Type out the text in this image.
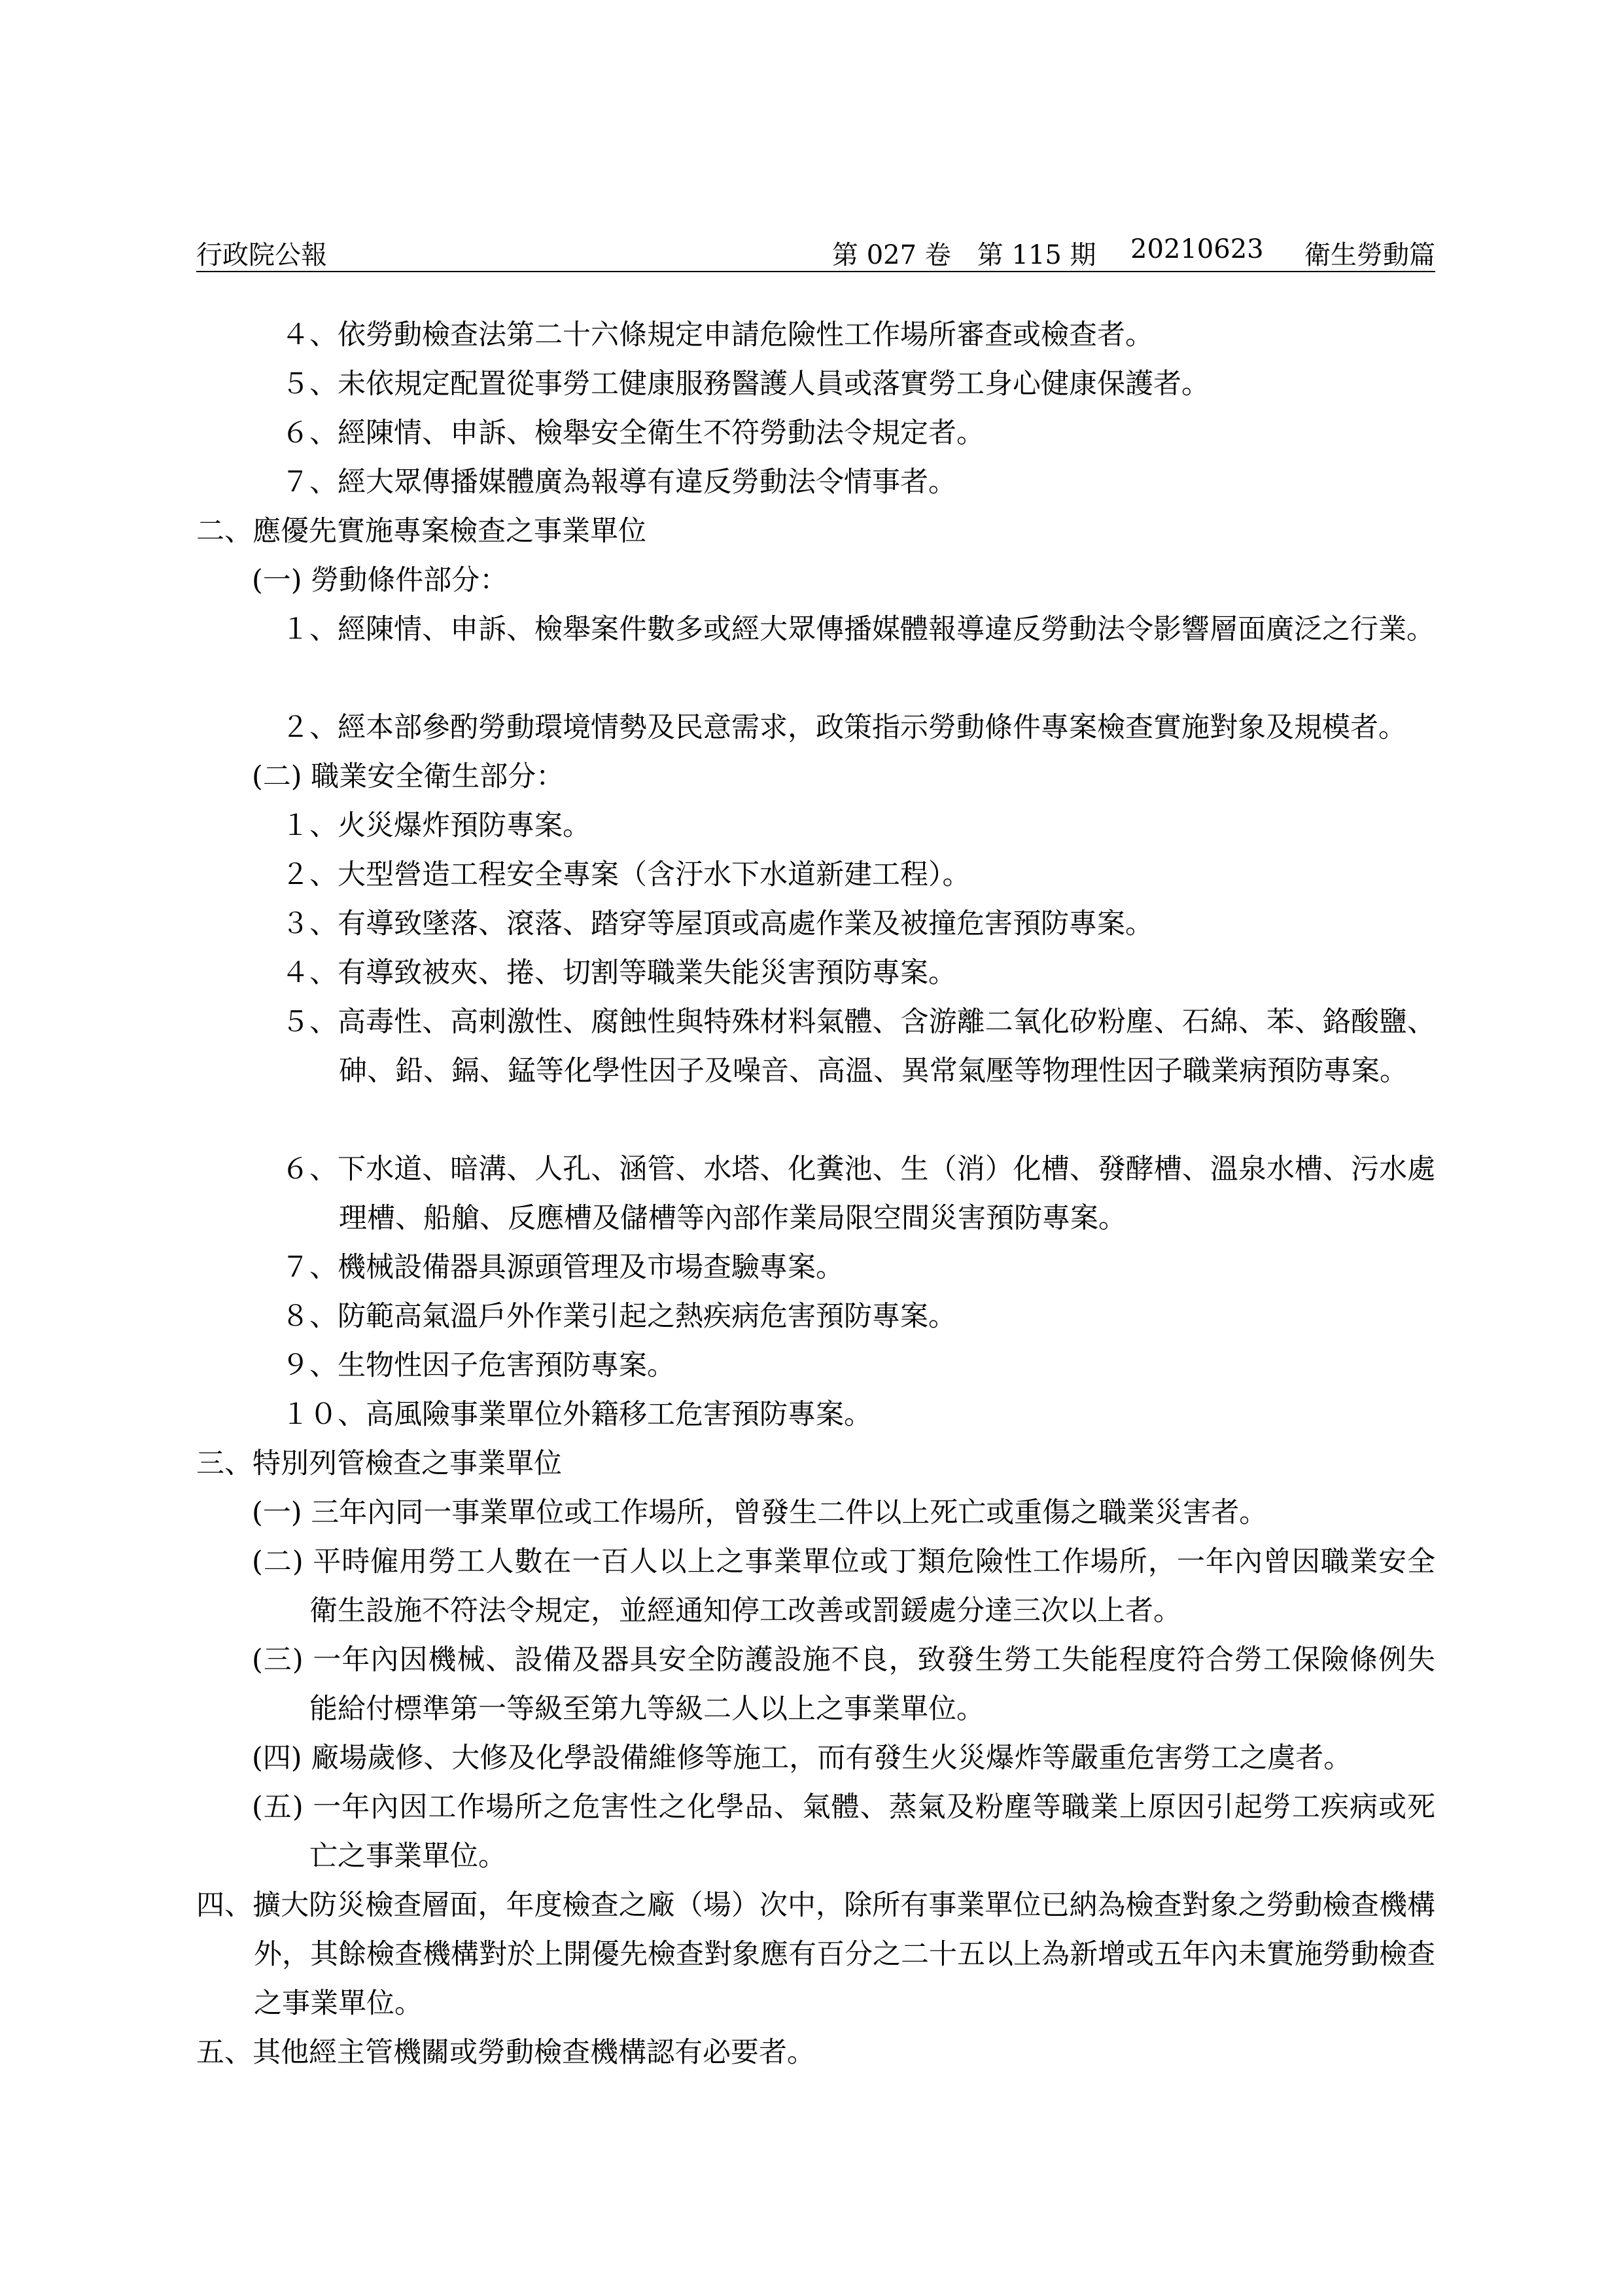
行政院公報	第 027 卷　第 115 期 20210623 衛生勞動篇
４、依勞動檢查法第二十六條規定申請危險性工作場所審查或檢查者。
５、未依規定配置從事勞工健康服務醫護人員或落實勞工身心健康保護者。
６、經陳情、申訴、檢舉安全衛生不符勞動法令規定者。
７、經大眾傳播媒體廣為報導有違反勞動法令情事者。
二、應優先實施專案檢查之事業單位
(一) 勞動條件部分：
１、經陳情、申訴、檢舉案件數多或經大眾傳播媒體報導違反勞動法令影響層面廣泛之行業。
２、經本部參酌勞動環境情勢及民意需求，政策指示勞動條件專案檢查實施對象及規模者。
(二) 職業安全衛生部分：
１、火災爆炸預防專案。
２、大型營造工程安全專案（含汙水下水道新建工程）。
３、有導致墜落、滾落、踏穿等屋頂或高處作業及被撞危害預防專案。
４、有導致被夾、捲、切割等職業失能災害預防專案。
５、高毒性、高刺激性、腐蝕性與特殊材料氣體、含游離二氧化矽粉塵、石綿、苯、鉻酸鹽、砷、鉛、鎘、錳等化學性因子及噪音、高溫、異常氣壓等物理性因子職業病預防專案。
６、下水道、暗溝、人孔、涵管、水塔、化糞池、生（消）化槽、發酵槽、溫泉水槽、污水處理槽、船艙、反應槽及儲槽等內部作業局限空間災害預防專案。
７、機械設備器具源頭管理及市場查驗專案。
８、防範高氣溫戶外作業引起之熱疾病危害預防專案。
９、生物性因子危害預防專案。
１０、高風險事業單位外籍移工危害預防專案。
三、特別列管檢查之事業單位
(一) 三年內同一事業單位或工作場所，曾發生二件以上死亡或重傷之職業災害者。
(二) 平時僱用勞工人數在一百人以上之事業單位或丁類危險性工作場所，一年內曾因職業安全衛生設施不符法令規定，並經通知停工改善或罰鍰處分達三次以上者。
(三) 一年內因機械、設備及器具安全防護設施不良，致發生勞工失能程度符合勞工保險條例失能給付標準第一等級至第九等級二人以上之事業單位。
(四) 廠場歲修、大修及化學設備維修等施工，而有發生火災爆炸等嚴重危害勞工之虞者。
(五) 一年內因工作場所之危害性之化學品、氣體、蒸氣及粉塵等職業上原因引起勞工疾病或死亡之事業單位。
四、擴大防災檢查層面，年度檢查之廠（場）次中，除所有事業單位已納為檢查對象之勞動檢查機構外，其餘檢查機構對於上開優先檢查對象應有百分之二十五以上為新增或五年內未實施勞動檢查之事業單位。
五、其他經主管機關或勞動檢查機構認有必要者。
